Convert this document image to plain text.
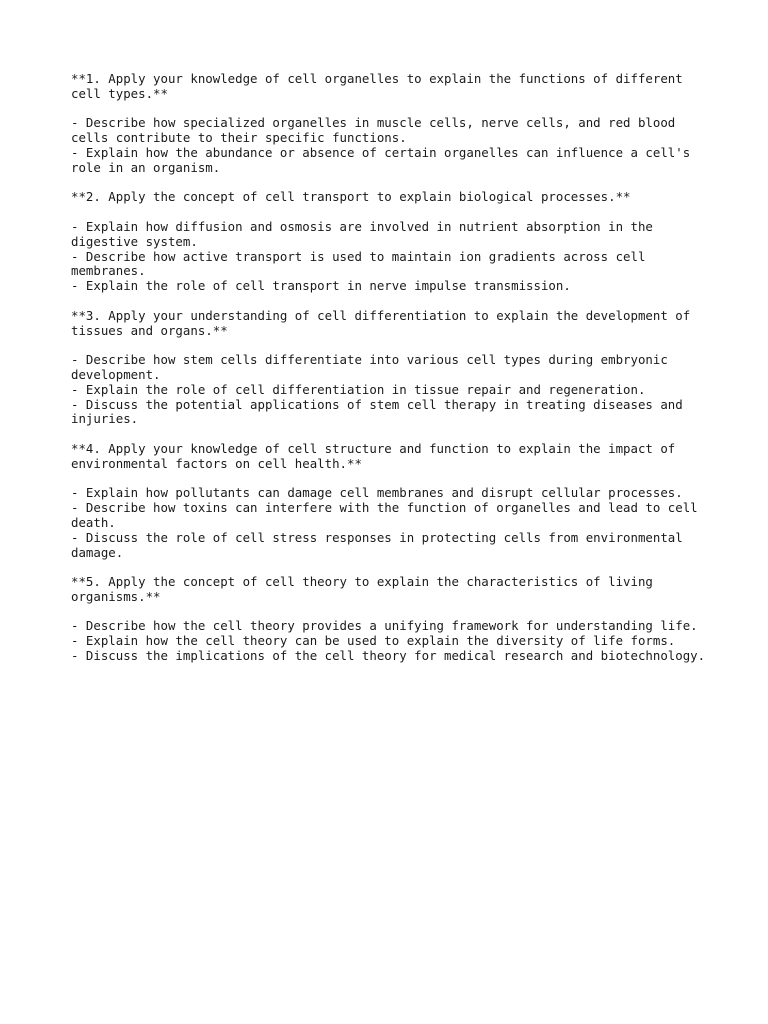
**1. Apply your knowledge of cell organelles to explain the functions of different cell types.**
- Describe how specialized organelles in muscle cells, nerve cells, and red blood cells contribute to their specific functions.
- Explain how the abundance or absence of certain organelles can influence a cell's role in an organism.
**2. Apply the concept of cell transport to explain biological processes.**
- Explain how diffusion and osmosis are involved in nutrient absorption in the digestive system.
- Describe how active transport is used to maintain ion gradients across cell membranes.
- Explain the role of cell transport in nerve impulse transmission.
**3. Apply your understanding of cell differentiation to explain the development of tissues and organs.**
- Describe how stem cells differentiate into various cell types during embryonic development.
- Explain the role of cell differentiation in tissue repair and regeneration.
- Discuss the potential applications of stem cell therapy in treating diseases and injuries.
**4. Apply your knowledge of cell structure and function to explain the impact of environmental factors on cell health.**
- Explain how pollutants can damage cell membranes and disrupt cellular processes.
- Describe how toxins can interfere with the function of organelles and lead to cell death.
- Discuss the role of cell stress responses in protecting cells from environmental damage.
**5. Apply the concept of cell theory to explain the characteristics of living organisms.**
- Describe how the cell theory provides a unifying framework for understanding life.
- Explain how the cell theory can be used to explain the diversity of life forms.
- Discuss the implications of the cell theory for medical research and biotechnology.
